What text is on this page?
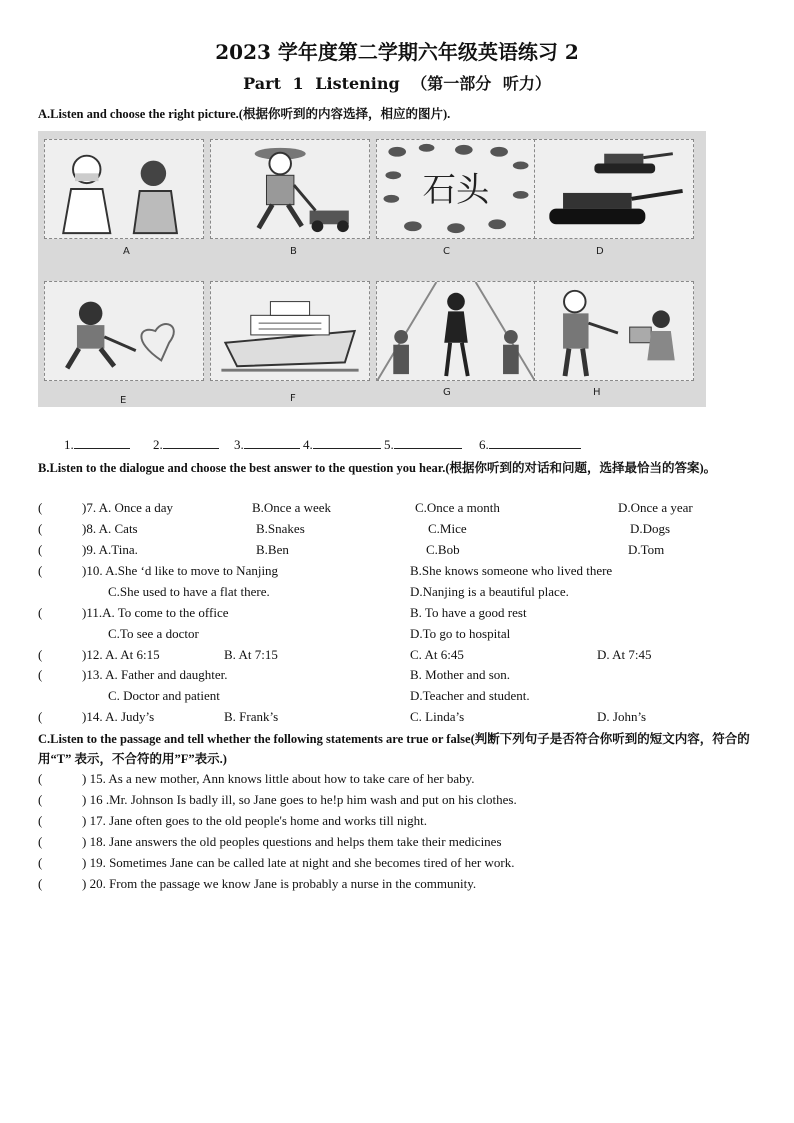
2023 学年度第二学期六年级英语练习 2
Part 1 Listening （第一部分 听力）
A.Listen and choose the right picture.(根据你听到的内容选择，相应的图片).
石头
A	B	C	D
E	F
G	H
1.	2.	3.	4.	5.	6.
B.Listen to the dialogue and choose the best answer to the question you hear.(根据你听到的对话和问题，选择最恰当的答案)。
(	)7. A. Once a day	B.Once a week	C.Once a month	D.Once a year
(	)8. A. Cats	B.Snakes	C.Mice	D.Dogs
(	)9. A.Tina.	B.Ben	C.Bob	D.Tom
(	)10. A.She ‘d like to move to Nanjing	B.She knows someone who lived there
C.She used to have a flat there.	D.Nanjing is a beautiful place.
(	)11.A. To come to the office	B. To have a good rest
C.To see a doctor	D.To go to hospital
(	)12. A. At 6:15	B. At 7:15	C. At 6:45	D. At 7:45
(	)13. A. Father and daughter.	B. Mother and son.
C. Doctor and patient	D.Teacher and student.
(	)14. A. Judy’s	B. Frank’s	C. Linda’s	D. John’s
C.Listen to the passage and tell whether the following statements are true or false(判断下列句子是否符合你听到的短文内容，符合的用“T” 表示，不合符的用”F”表示.)
(	) 15. As a new mother, Ann knows little about how to take care of her baby.
(	) 16 .Mr. Johnson Is badly ill, so Jane goes to he!p him wash and put on his clothes.
(	) 17. Jane often goes to the old people's home and works till night.
(	) 18. Jane answers the old peoples questions and helps them take their medicines
(	) 19. Sometimes Jane can be called late at night and she becomes tired of her work.
(	) 20. From the passage we know Jane is probably a nurse in the community.
